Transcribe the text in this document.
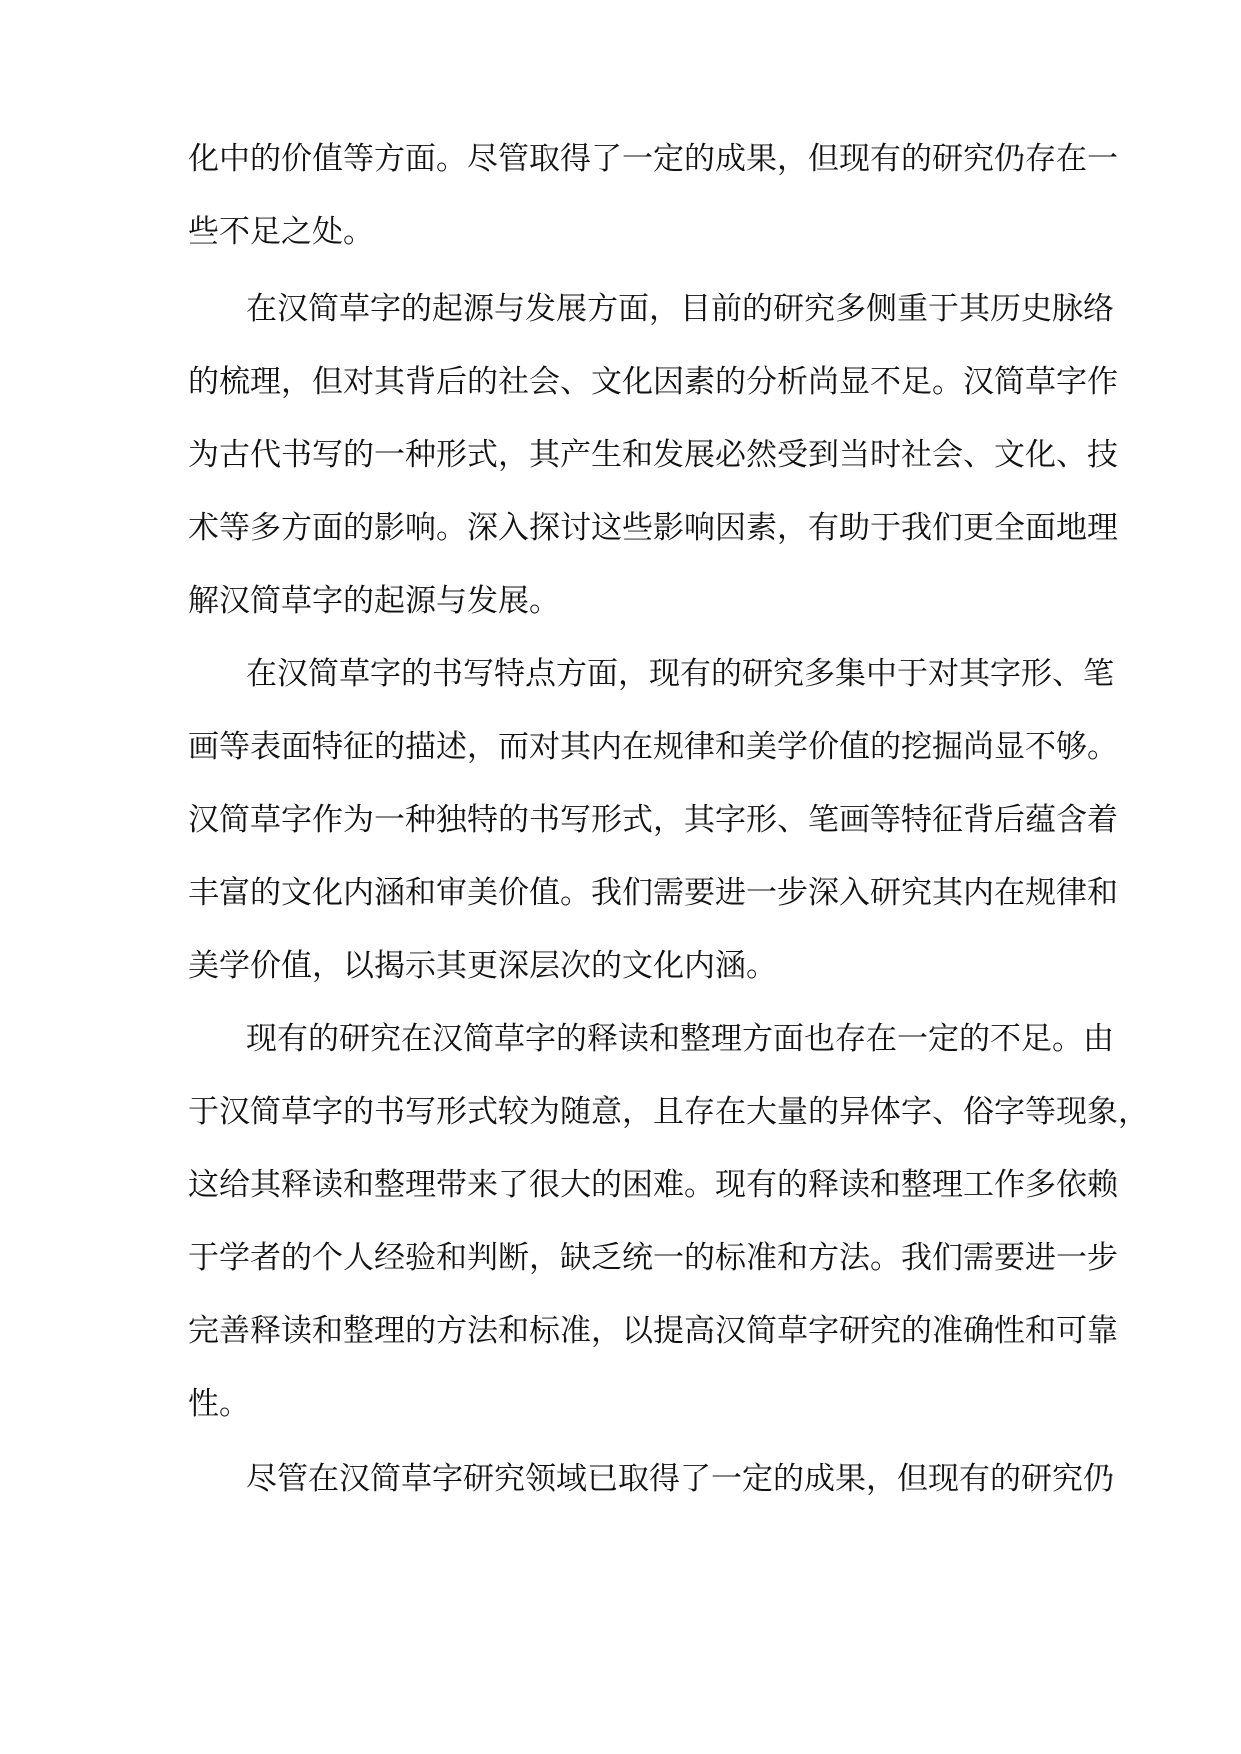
化中的价值等方面。尽管取得了一定的成果，但现有的研究仍存在一
些不足之处。
在汉简草字的起源与发展方面，目前的研究多侧重于其历史脉络
的梳理，但对其背后的社会、文化因素的分析尚显不足。汉简草字作
为古代书写的一种形式，其产生和发展必然受到当时社会、文化、技
术等多方面的影响。深入探讨这些影响因素，有助于我们更全面地理
解汉简草字的起源与发展。
在汉简草字的书写特点方面，现有的研究多集中于对其字形、笔
画等表面特征的描述，而对其内在规律和美学价值的挖掘尚显不够。
汉简草字作为一种独特的书写形式，其字形、笔画等特征背后蕴含着
丰富的文化内涵和审美价值。我们需要进一步深入研究其内在规律和
美学价值，以揭示其更深层次的文化内涵。
现有的研究在汉简草字的释读和整理方面也存在一定的不足。由
于汉简草字的书写形式较为随意，且存在大量的异体字、俗字等现象，
这给其释读和整理带来了很大的困难。现有的释读和整理工作多依赖
于学者的个人经验和判断，缺乏统一的标准和方法。我们需要进一步
完善释读和整理的方法和标准，以提高汉简草字研究的准确性和可靠
性。
尽管在汉简草字研究领域已取得了一定的成果，但现有的研究仍
